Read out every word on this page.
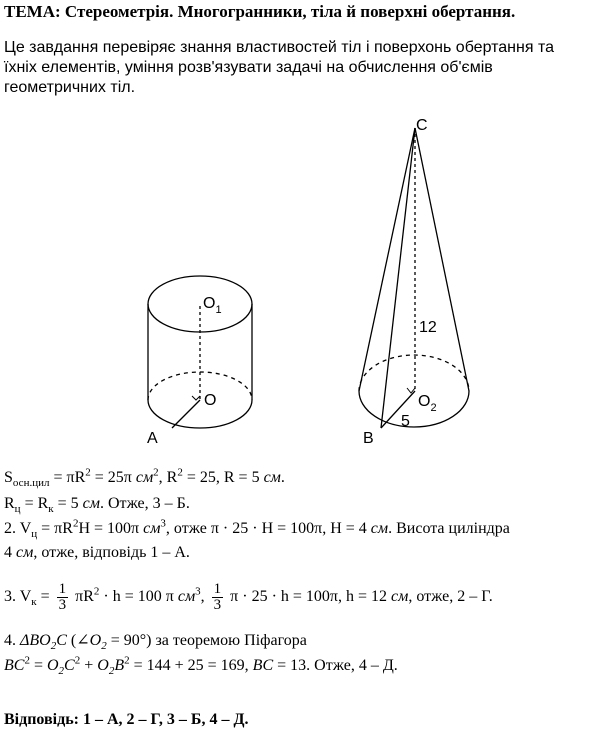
ТЕМА: Стереометрія. Многогранники, тіла й поверхні обертання.
Це завдання перевіряє знання властивостей тіл і поверхонь обертання та
їхніх елементів, уміння розв'язувати задачі на обчислення об'ємів
геометричних тіл.
$O_1$
O
A
C
12
$O_2$
5
B
$S_{осн.цил} = \pi R^2 = 25\pi$ $см^2$, $R^2 = 25$, R = 5 см.
$R_ц = R_к = 5$ см. Отже, 3 – Б.
2. $V_ц = \pi R^2H = 100\pi$ $см^3$, отже π · 25 · H = 100π, H = 4 см. Висота циліндра
4 см, отже, відповідь 1 – А.
3. $V_к = \frac{1}{3} \pi R^2 \cdot h = 100$ π $см^3$, $\frac{1}{3}$ π · 25 · h = 100π, h = 12 см, отже, 2 – Г.
4. $\Delta BO_2C$ $(\angle O_2 = 90^\circ)$ за теоремою Піфагора
$BC^2 = O_2C^2 + O_2B^2 = 144 + 25 = 169$, BC = 13. Отже, 4 – Д.
Відповідь: 1 – А, 2 – Г, 3 – Б, 4 – Д.
